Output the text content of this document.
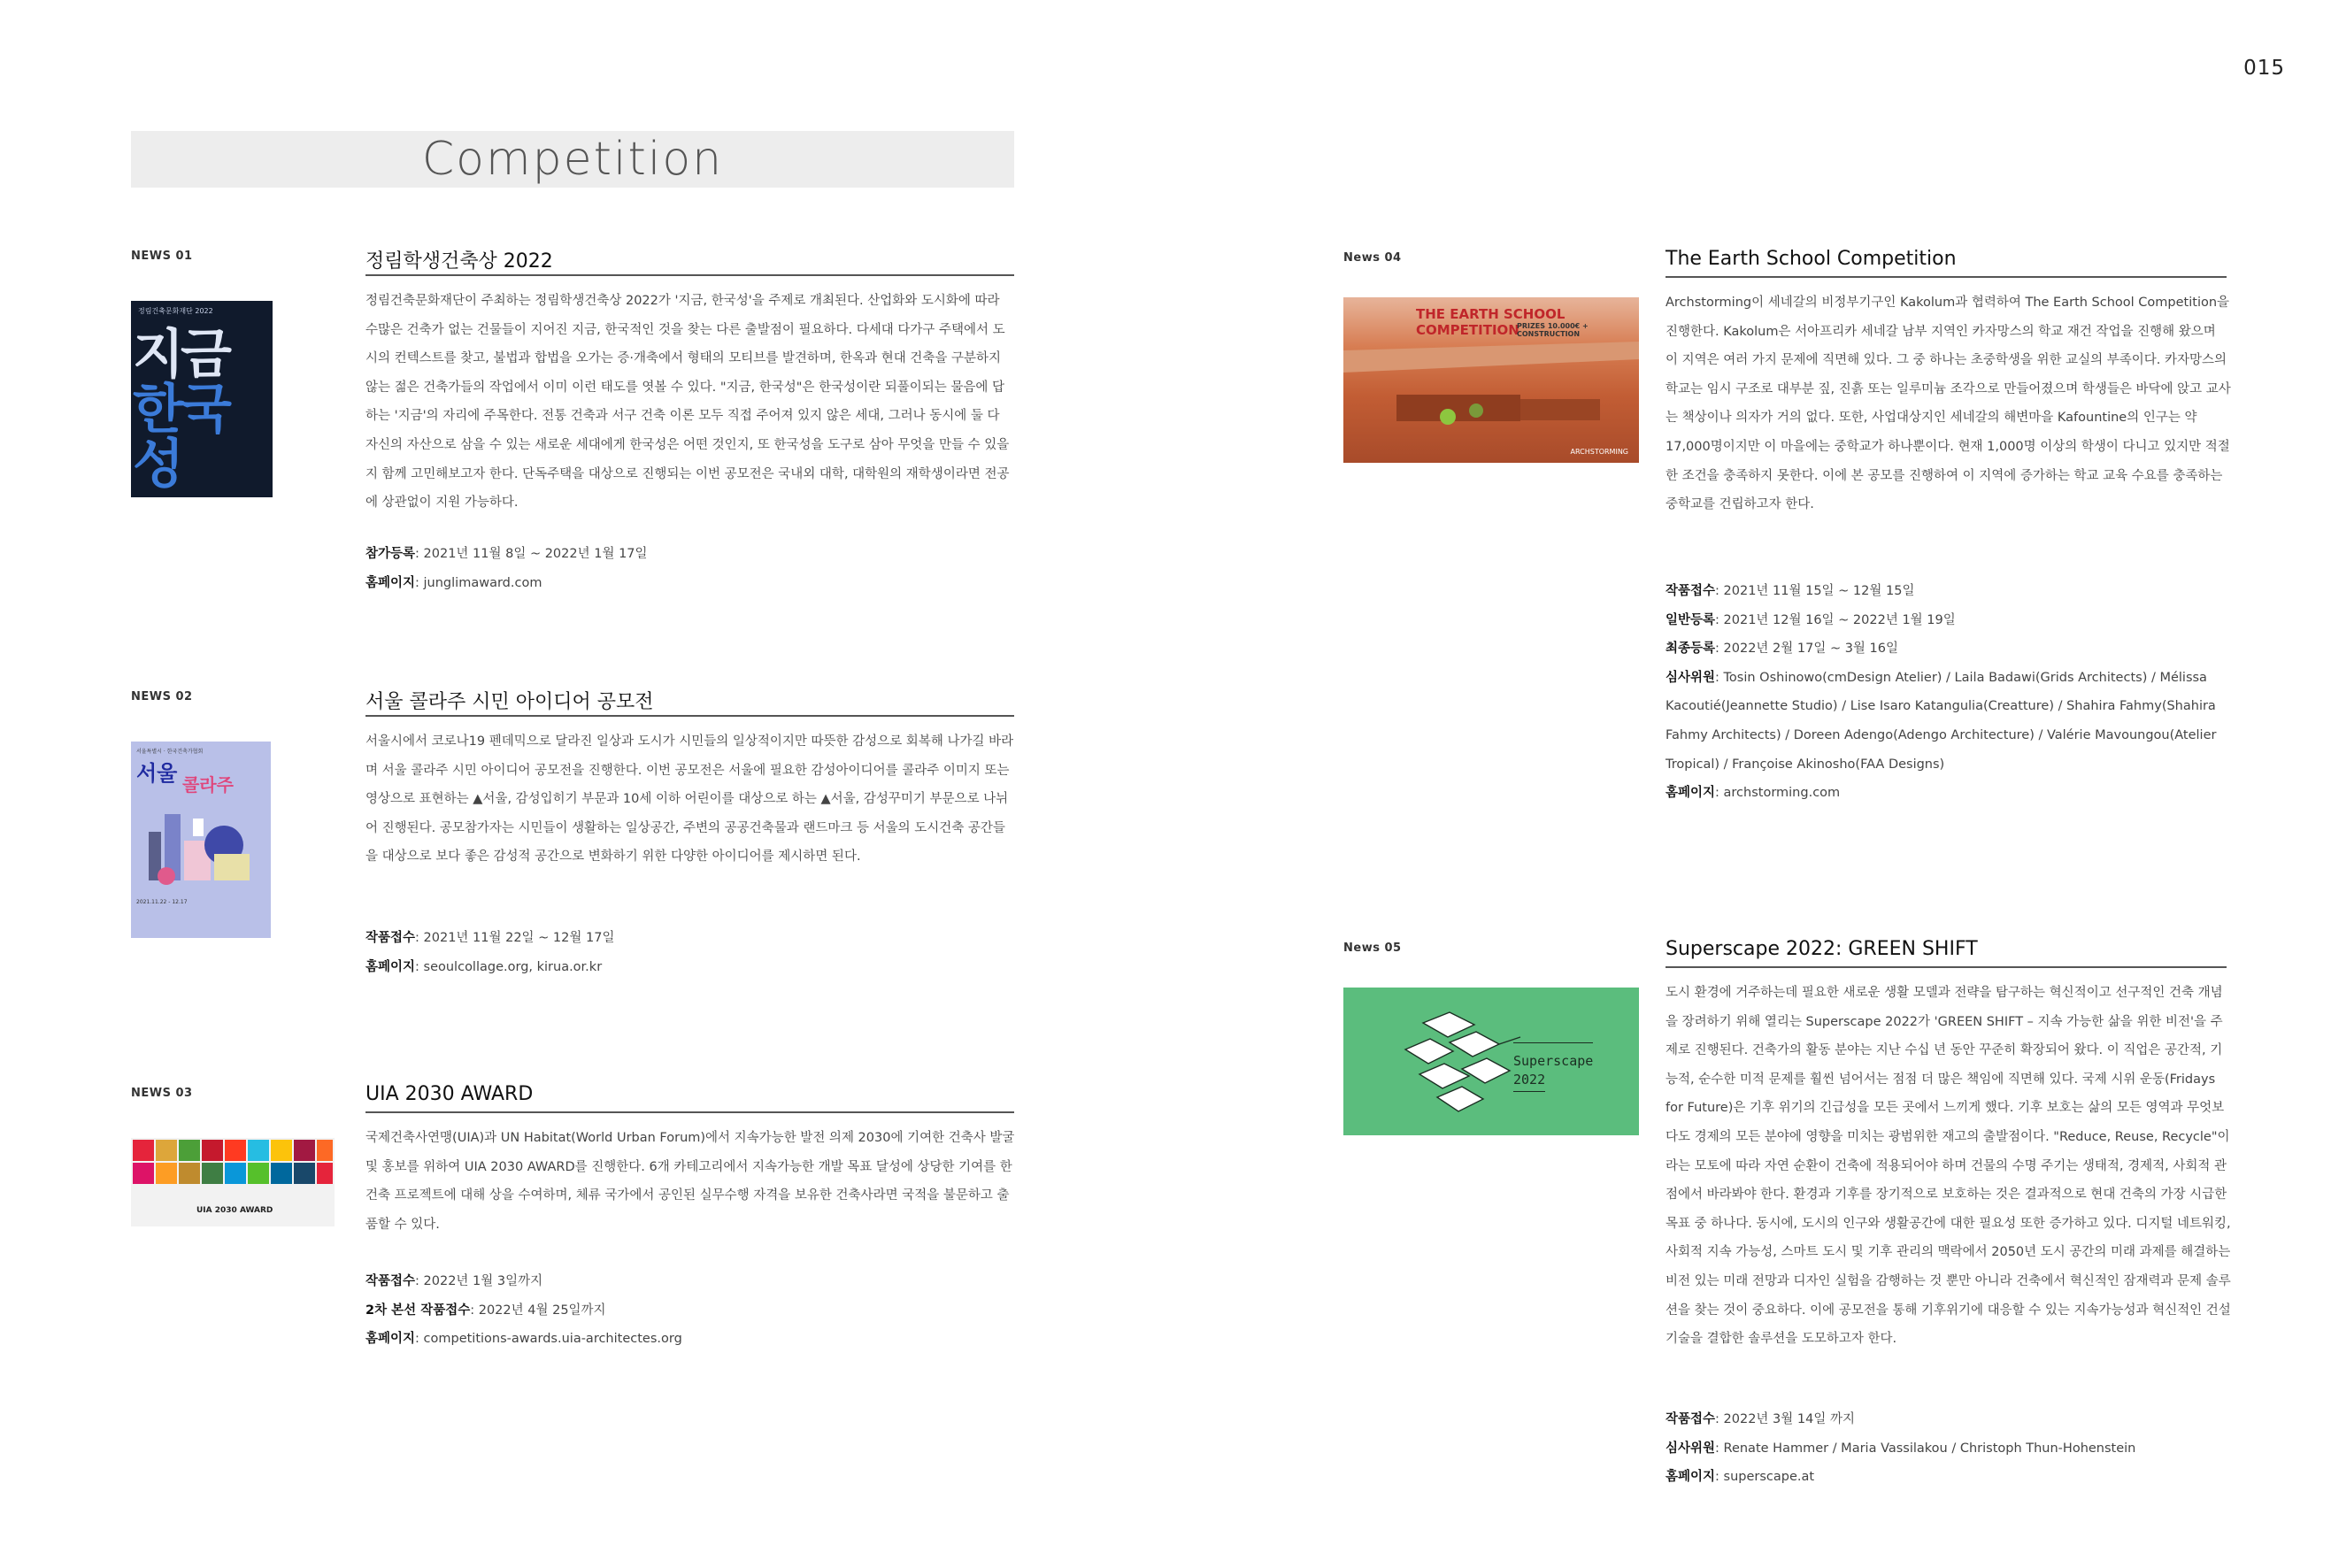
015
Competition
NEWS 01	정림학생건축상 2022
정림건축문화재단 2022
지금
한국
성

정림건축문화재단이 주최하는 정림학생건축상 2022가 '지금, 한국성'을 주제로 개최된다. 산업화와 도시화에 따라 수많은 건축가 없는 건물들이 지어진 지금, 한국적인 것을 찾는 다른 출발점이 필요하다. 다세대 다가구 주택에서 도시의 컨텍스트를 찾고, 불법과 합법을 오가는 증·개축에서 형태의 모티브를 발견하며, 한옥과 현대 건축을 구분하지 않는 젊은 건축가들의 작업에서 이미 이런 태도를 엿볼 수 있다. "지금, 한국성"은 한국성이란 되풀이되는 물음에 답하는 '지금'의 자리에 주목한다. 전통 건축과 서구 건축 이론 모두 직접 주어져 있지 않은 세대, 그러나 동시에 둘 다 자신의 자산으로 삼을 수 있는 새로운 세대에게 한국성은 어떤 것인지, 또 한국성을 도구로 삼아 무엇을 만들 수 있을지 함께 고민해보고자 한다. 단독주택을 대상으로 진행되는 이번 공모전은 국내외 대학, 대학원의 재학생이라면 전공에 상관없이 지원 가능하다.

참가등록: 2021년 11월 8일 ~ 2022년 1월 17일
홈페이지: junglimaward.com
NEWS 02	서울 콜라주 시민 아이디어 공모전
서울특별시 · 한국건축가협회
서울 콜라주
2021.11.22 - 12.17

서울시에서 코로나19 펜데믹으로 달라진 일상과 도시가 시민들의 일상적이지만 따뜻한 감성으로 회복해 나가길 바라며 서울 콜라주 시민 아이디어 공모전을 진행한다. 이번 공모전은 서울에 필요한 감성아이디어를 콜라주 이미지 또는 영상으로 표현하는 ▲서울, 감성입히기 부문과 10세 이하 어린이를 대상으로 하는 ▲서울, 감성꾸미기 부문으로 나뉘어 진행된다. 공모참가자는 시민들이 생활하는 일상공간, 주변의 공공건축물과 랜드마크 등 서울의 도시건축 공간들을 대상으로 보다 좋은 감성적 공간으로 변화하기 위한 다양한 아이디어를 제시하면 된다.

작품접수: 2021년 11월 22일 ~ 12월 17일
홈페이지: seoulcollage.org, kirua.or.kr
NEWS 03	UIA 2030 AWARD
UIA 2030 AWARD

국제건축사연맹(UIA)과 UN Habitat(World Urban Forum)에서 지속가능한 발전 의제 2030에 기여한 건축사 발굴 및 홍보를 위하여 UIA 2030 AWARD를 진행한다. 6개 카테고리에서 지속가능한 개발 목표 달성에 상당한 기여를 한 건축 프로젝트에 대해 상을 수여하며, 체류 국가에서 공인된 실무수행 자격을 보유한 건축사라면 국적을 불문하고 출품할 수 있다.

작품접수: 2022년 1월 3일까지
2차 본선 작품접수: 2022년 4월 25일까지
홈페이지: competitions-awards.uia-architectes.org
News 04	The Earth School Competition
THE EARTH SCHOOL COMPETITION
PRIZES 10.000€ + CONSTRUCTION
ARCHSTORMING

Archstorming이 세네갈의 비정부기구인 Kakolum과 협력하여 The Earth School Competition을 진행한다. Kakolum은 서아프리카 세네갈 남부 지역인 카자망스의 학교 재건 작업을 진행해 왔으며 이 지역은 여러 가지 문제에 직면해 있다. 그 중 하나는 초중학생을 위한 교실의 부족이다. 카자망스의 학교는 임시 구조로 대부분 짚, 진흙 또는 일루미늄 조각으로 만들어졌으며 학생들은 바닥에 앉고 교사는 책상이나 의자가 거의 없다. 또한, 사업대상지인 세네갈의 해변마을 Kafountine의 인구는 약 17,000명이지만 이 마을에는 중학교가 하나뿐이다. 현재 1,000명 이상의 학생이 다니고 있지만 적절한 조건을 충족하지 못한다. 이에 본 공모를 진행하여 이 지역에 증가하는 학교 교육 수요를 충족하는 중학교를 건립하고자 한다.

작품접수: 2021년 11월 15일 ~ 12월 15일
일반등록: 2021년 12월 16일 ~ 2022년 1월 19일
최종등록: 2022년 2월 17일 ~ 3월 16일
심사위원: Tosin Oshinowo(cmDesign Atelier) / Laila Badawi(Grids Architects) / Mélissa Kacoutié(Jeannette Studio) / Lise Isaro Katangulia(Creatture) / Shahira Fahmy(Shahira Fahmy Architects) / Doreen Adengo(Adengo Architecture) / Valérie Mavoungou(Atelier Tropical) / Françoise Akinosho(FAA Designs)
홈페이지: archstorming.com
News 05	Superscape 2022: GREEN SHIFT
Superscape
2022

도시 환경에 거주하는데 필요한 새로운 생활 모델과 전략을 탐구하는 혁신적이고 선구적인 건축 개념을 장려하기 위해 열리는 Superscape 2022가 'GREEN SHIFT – 지속 가능한 삶을 위한 비전'을 주제로 진행된다. 건축가의 활동 분야는 지난 수십 년 동안 꾸준히 확장되어 왔다. 이 직업은 공간적, 기능적, 순수한 미적 문제를 훨씬 넘어서는 점점 더 많은 책임에 직면해 있다. 국제 시위 운동(Fridays for Future)은 기후 위기의 긴급성을 모든 곳에서 느끼게 했다. 기후 보호는 삶의 모든 영역과 무엇보다도 경제의 모든 분야에 영향을 미치는 광범위한 재고의 출발점이다. "Reduce, Reuse, Recycle"이라는 모토에 따라 자연 순환이 건축에 적용되어야 하며 건물의 수명 주기는 생태적, 경제적, 사회적 관점에서 바라봐야 한다. 환경과 기후를 장기적으로 보호하는 것은 결과적으로 현대 건축의 가장 시급한 목표 중 하나다. 동시에, 도시의 인구와 생활공간에 대한 필요성 또한 증가하고 있다. 디지털 네트워킹, 사회적 지속 가능성, 스마트 도시 및 기후 관리의 맥락에서 2050년 도시 공간의 미래 과제를 해결하는 비전 있는 미래 전망과 디자인 실험을 감행하는 것 뿐만 아니라 건축에서 혁신적인 잠재력과 문제 솔루션을 찾는 것이 중요하다. 이에 공모전을 통해 기후위기에 대응할 수 있는 지속가능성과 혁신적인 건설 기술을 결합한 솔루션을 도모하고자 한다.

작품접수: 2022년 3월 14일 까지
심사위원: Renate Hammer / Maria Vassilakou / Christoph Thun-Hohenstein
홈페이지: superscape.at
